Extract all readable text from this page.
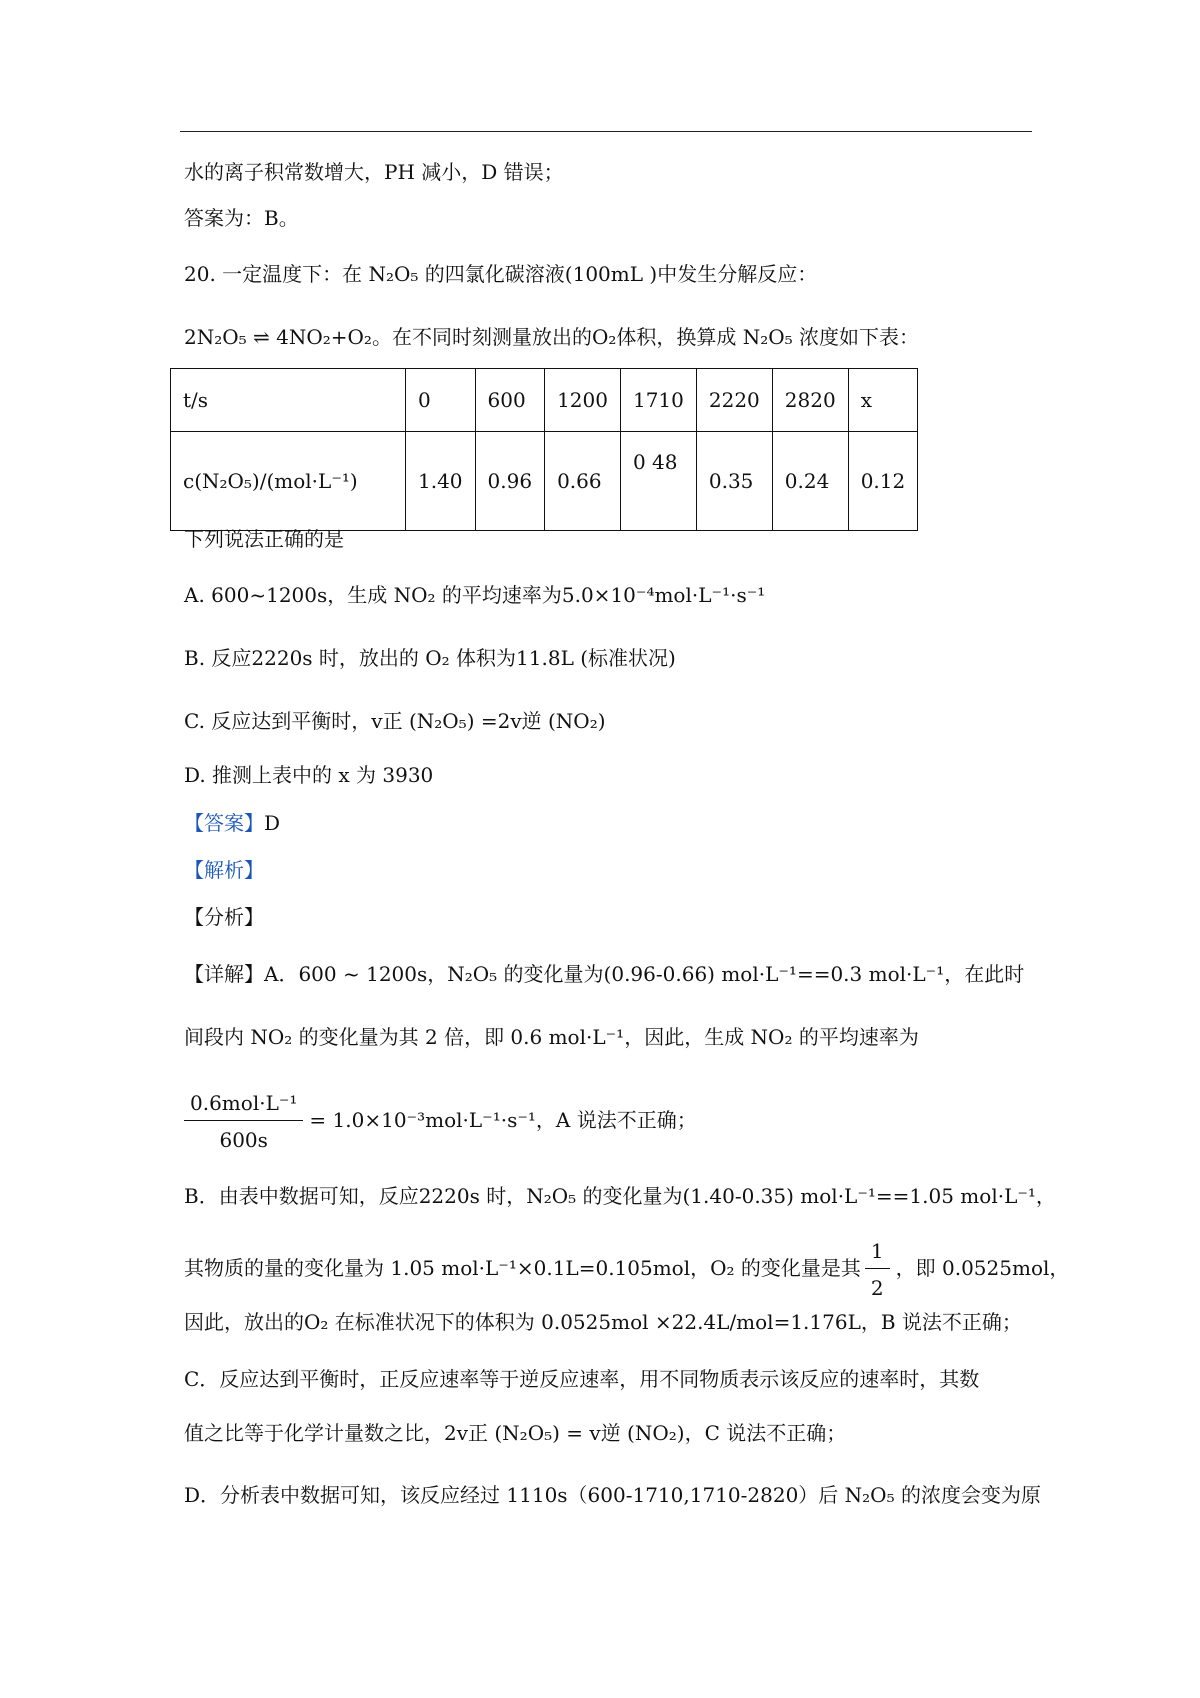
水的离子积常数增大，PH 减小，D 错误；
答案为：B。
20. 一定温度下：在 N₂O₅ 的四氯化碳溶液(100mL )中发生分解反应：
2N₂O₅ ⇌ 4NO₂+O₂。在不同时刻测量放出的O₂体积，换算成 N₂O₅ 浓度如下表：
t/s	0	600	1200	1710	2220	2820	x
c(N₂O₅)/(mol·L⁻¹)	1.40	0.96	0.66	0 48	0.35	0.24	0.12
下列说法正确的是
A. 600~1200s，生成 NO₂ 的平均速率为5.0×10⁻⁴mol·L⁻¹·s⁻¹
B. 反应2220s 时，放出的 O₂ 体积为11.8L (标准状况)
C. 反应达到平衡时，v正 (N₂O₅) =2v逆 (NO₂)
D. 推测上表中的 x 为 3930
【答案】D
【解析】
【分析】
【详解】A．600 ~ 1200s，N₂O₅ 的变化量为(0.96-0.66) mol·L⁻¹==0.3 mol·L⁻¹，在此时
间段内 NO₂ 的变化量为其 2 倍，即 0.6 mol·L⁻¹，因此，生成 NO₂ 的平均速率为
$\frac{\text{0.6mol·L⁻¹}}{600s} = 1.0\times 10^{-3}mol\cdot L^{-1}\cdot s^{-1}$，A 说法不正确；
B．由表中数据可知，反应2220s 时，N₂O₅ 的变化量为(1.40-0.35) mol·L⁻¹==1.05 mol·L⁻¹，
其物质的量的变化量为 1.05 mol·L⁻¹×0.1L=0.105mol，O₂ 的变化量是其 $\frac{1}{2}$ ，即 0.0525mol，
因此，放出的O₂ 在标准状况下的体积为 0.0525mol ×22.4L/mol=1.176L，B 说法不正确；
C．反应达到平衡时，正反应速率等于逆反应速率，用不同物质表示该反应的速率时，其数
值之比等于化学计量数之比，2v正 (N₂O₅) = v逆 (NO₂)，C 说法不正确；
D．分析表中数据可知，该反应经过 1110s（600-1710,1710-2820）后 N₂O₅ 的浓度会变为原
